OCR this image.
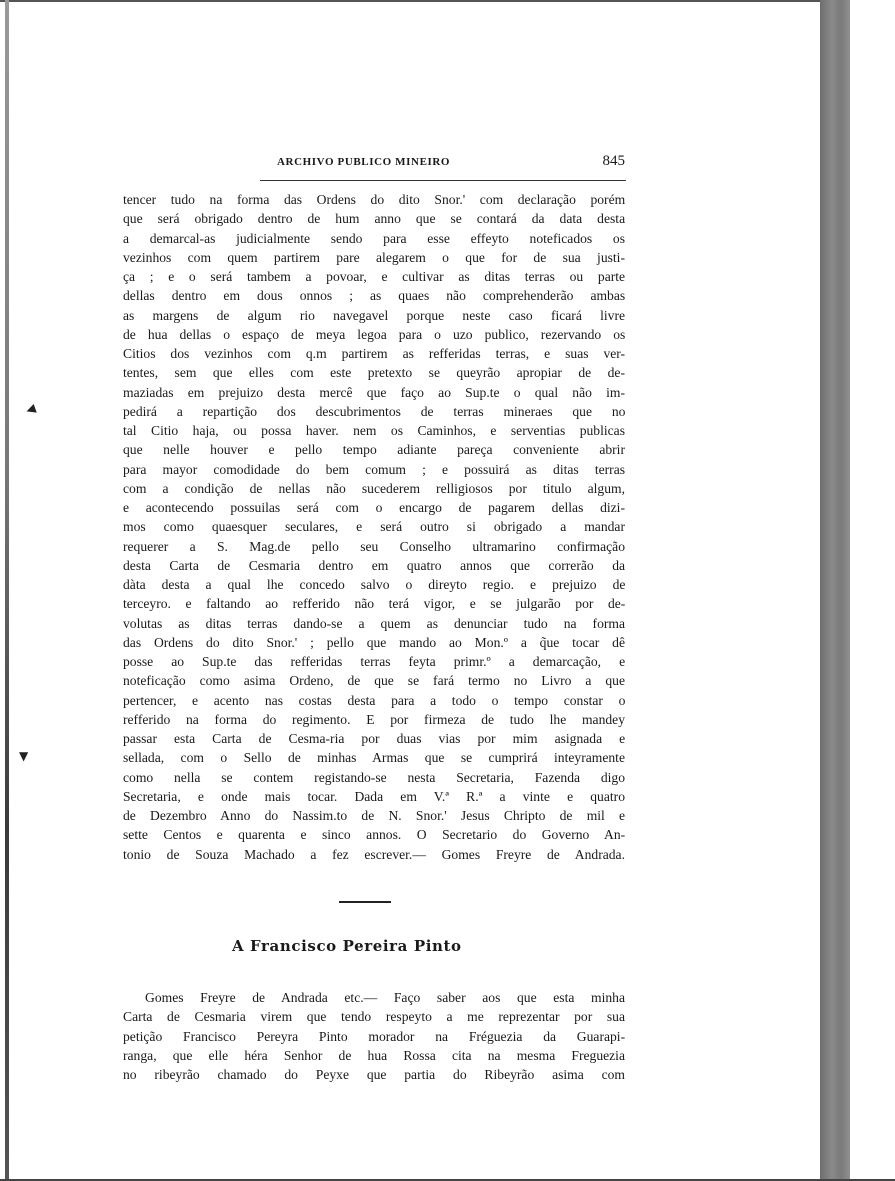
◀
▼
ARCHIVO PUBLICO MINEIRO	845
tencer tudo na forma das Ordens do dito Snor.' com declaração porém
que será obrigado dentro de hum anno que se contará da data desta
a demarcal-as judicialmente sendo para esse effeyto noteficados os
vezinhos com quem partirem pare alegarem o que for de sua justi-
ça ; e o será tambem a povoar, e cultivar as ditas terras ou parte
dellas dentro em dous onnos ; as quaes não comprehenderão ambas
as margens de algum rio navegavel porque neste caso ficará livre
de hua dellas o espaço de meya legoa para o uzo publico, rezervando os
Citios dos vezinhos com q.m partirem as refferidas terras, e suas ver-
tentes, sem que elles com este pretexto se queyrão apropiar de de-
maziadas em prejuizo desta mercê que faço ao Sup.te o qual não im-
pedirá a repartição dos descubrimentos de terras mineraes que no
tal Citio haja, ou possa haver. nem os Caminhos, e serventias publicas
que nelle houver e pello tempo adiante pareça conveniente abrir
para mayor comodidade do bem comum ; e possuirá as ditas terras
com a condição de nellas não sucederem relligiosos por titulo algum,
e acontecendo possuilas será com o encargo de pagarem dellas dizi-
mos como quaesquer seculares, e será outro si obrigado a mandar
requerer a S. Mag.de pello seu Conselho ultramarino confirmação
desta Carta de Cesmaria dentro em quatro annos que correrão da
dàta desta a qual lhe concedo salvo o direyto regio. e prejuizo de
terceyro. e faltando ao refferido não terá vigor, e se julgarão por de-
volutas as ditas terras dando-se a quem as denunciar tudo na forma
das Ordens do dito Snor.' ; pello que mando ao Mon.º a q̃ue tocar dê
posse ao Sup.te das refferidas terras feyta primr.º a demarcação, e
noteficação como asima Ordeno, de que se fará termo no Livro a que
pertencer, e acento nas costas desta para a todo o tempo constar o
refferido na forma do regimento. E por firmeza de tudo lhe mandey
passar esta Carta de Cesma-ria por duas vias por mim asignada e
sellada, com o Sello de minhas Armas que se cumprirá inteyramente
como nella se contem registando-se nesta Secretaria, Fazenda digo
Secretaria, e onde mais tocar. Dada em V.ª R.ª a vinte e quatro
de Dezembro Anno do Nassim.to de N. Snor.' Jesus Chripto de mil e
sette Centos e quarenta e sinco annos. O Secretario do Governo An-
tonio de Souza Machado a fez escrever.— Gomes Freyre de Andrada.
A Francisco Pereira Pinto
Gomes Freyre de Andrada etc.— Faço saber aos que esta minha
Carta de Cesmaria virem que tendo respeyto a me reprezentar por sua
petição Francisco Pereyra Pinto morador na Fréguezia da Guarapi-
ranga, que elle héra Senhor de hua Rossa cita na mesma Freguezia
no ribeyrão chamado do Peyxe que partia do Ribeyrão asima com
